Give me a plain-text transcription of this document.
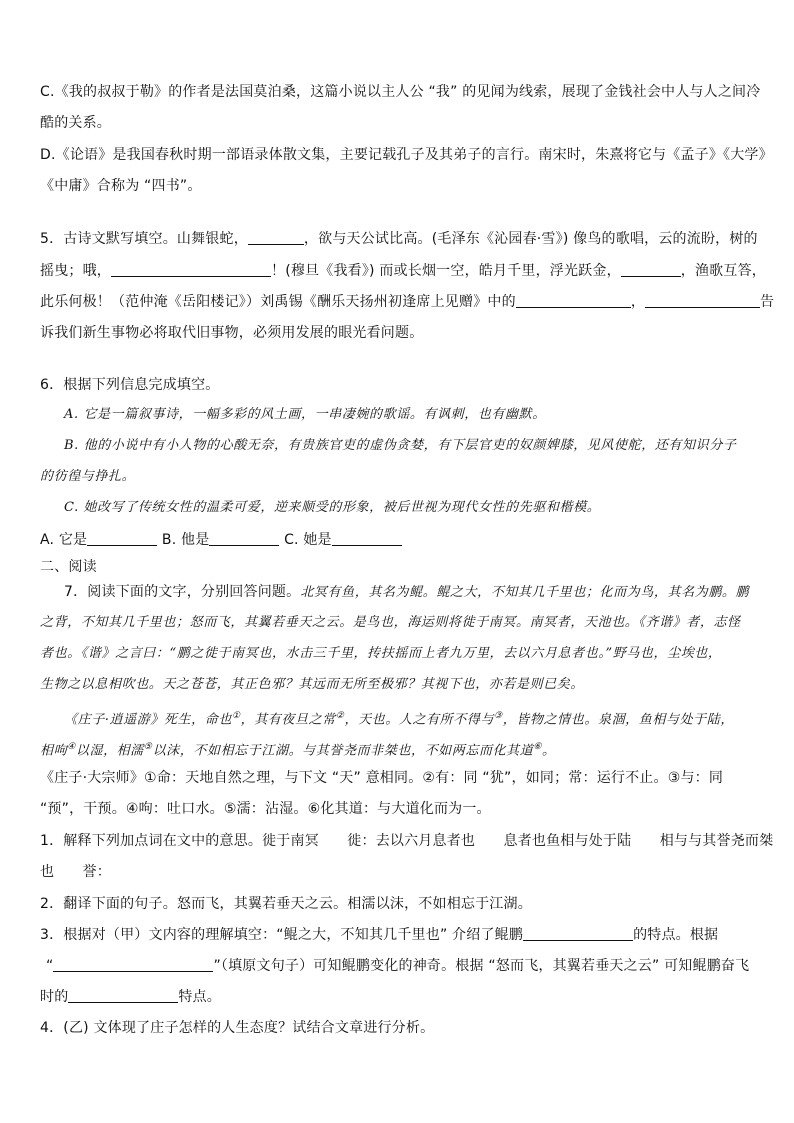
C.《我的叔叔于勒》的作者是法国莫泊桑，这篇小说以主人公 “我” 的见闻为线索，展现了金钱社会中人与人之间冷
酷的关系。
D.《论语》是我国春秋时期一部语录体散文集，主要记载孔子及其弟子的言行。南宋时，朱熹将它与《孟子》《大学》
《中庸》合称为 “四书”。
5．古诗文默写填空。山舞银蛇，	，欲与天公试比高。(毛泽东《沁园春·雪》) 像鸟的歌唱，云的流盼，树的
摇曳；哦，	！(穆旦《我看》) 而或长烟一空，皓月千里，浮光跃金，	，渔歌互答，
此乐何极！（范仲淹《岳阳楼记》）刘禹锡《酬乐天扬州初逢席上见赠》中的	，	告
诉我们新生事物必将取代旧事物，必须用发展的眼光看问题。
6．根据下列信息完成填空。
A. 它是一篇叙事诗，一幅多彩的风土画，一串凄婉的歌谣。有讽刺，也有幽默。
B. 他的小说中有小人物的心酸无奈，有贵族官吏的虚伪贪婪，有下层官吏的奴颜婢膝，见风使舵，还有知识分子
的彷徨与挣扎。
C. 她改写了传统女性的温柔可爱，逆来顺受的形象，被后世视为现代女性的先驱和楷模。
A. 它是	B. 他是	C. 她是
二、阅读
7．阅读下面的文字，分别回答问题。北冥有鱼，其名为鲲。鲲之大，不知其几千里也；化而为鸟，其名为鹏。鹏
之背，不知其几千里也；怒而飞，其翼若垂天之云。是鸟也，海运则将徙于南冥。南冥者，天池也。《齐谐》者，志怪
者也。《谐》之言曰：“鹏之徙于南冥也，水击三千里，抟扶摇而上者九万里，去以六月息者也。”野马也，尘埃也，
生物之以息相吹也。天之苍苍，其正色邪？其远而无所至极邪？其视下也，亦若是则已矣。
《庄子·逍遥游》死生，命也①，其有夜旦之常②，天也。人之有所不得与③，皆物之情也。泉涸，鱼相与处于陆，
相呴④以湿，相濡⑤以沫，不如相忘于江湖。与其誉尧而非桀也，不如两忘而化其道⑥。
《庄子·大宗师》①命：天地自然之理，与下文 “天” 意相同。②有：同 “犹”，如同；常：运行不止。③与：同
“预”，干预。④呴：吐口水。⑤濡：沾湿。⑥化其道：与大道化而为一。
1．解释下列加点词在文中的意思。徙于南冥　　徙：去以六月息者也　　息者也鱼相与处于陆　　相与与其誉尧而桀
也　　誉：
2．翻译下面的句子。怒而飞，其翼若垂天之云。相濡以沫，不如相忘于江湖。
3．根据对（甲）文内容的理解填空：“鲲之大，不知其几千里也” 介绍了鲲鹏	的特点。根据
“	”（填原文句子）可知鲲鹏变化的神奇。根据 “怒而飞，其翼若垂天之云” 可知鲲鹏奋飞
时的	特点。
4．(乙) 文体现了庄子怎样的人生态度？试结合文章进行分析。
